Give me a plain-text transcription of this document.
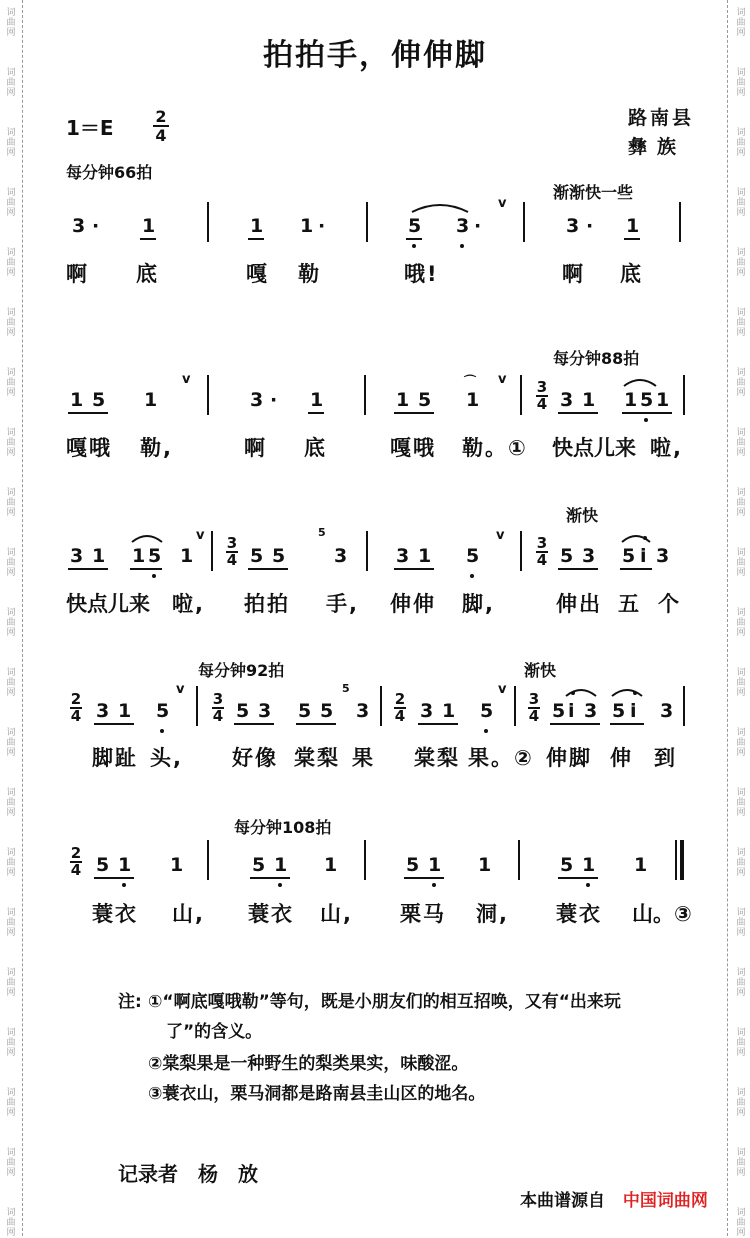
词曲网
词曲网
词曲网
词曲网
词曲网
词曲网
词曲网
词曲网
词曲网
词曲网
词曲网
词曲网
词曲网
词曲网
词曲网
词曲网
词曲网
词曲网
词曲网
词曲网
词曲网
词曲网
词曲网
词曲网
词曲网
词曲网
词曲网
词曲网
词曲网
词曲网
词曲网
词曲网
词曲网
词曲网
词曲网
词曲网
词曲网
词曲网
词曲网
词曲网
词曲网
词曲网
拍拍手，伸伸脚
$1=E \frac{2}{4}$	路南县
彝族
每分钟66拍
渐渐快一些
每分钟88拍
渐快
每分钟92拍	渐快
每分钟108拍
3 · 1	1 1 ·	5 3 ·
v
3 · 1
啊 底	嘎 勒	哦!	啊 底
1 5 1
v
3 · 1	1 5 1
⌒ v 3
4 3 1 1 5 1
嘎哦 勒,	啊 底	嘎哦 勒。① 快点儿来 啦,
3 1 1 5 1
v 3
4 5 5
5
3	3 1 5
v 3
4 5 3 5 i 3
快点儿来 啦, 拍拍 手, 伸伸 脚,	伸出 五 个
2
4 3 1 5
v
3
4 5 3 5 5
5
3
2
4 3 1 5
v
3
4 5 i 3 5 i 3
脚趾 头, 好像 棠梨 果 棠梨 果。② 伸脚 伸 到
2
4 5 1 1	5 1 1	5 1 1	5 1 1
蓑衣 山, 蓑衣 山, 栗马 洞, 蓑衣 山。③
注: ①“啊底嘎哦勒”等句，既是小朋友们的相互招唤，又有“出来玩
了”的含义。
②棠梨果是一种野生的梨类果实，味酸涩。
③蓑衣山，栗马洞都是路南县圭山区的地名。
记录者　杨　放
本曲谱源自 中国词曲网
